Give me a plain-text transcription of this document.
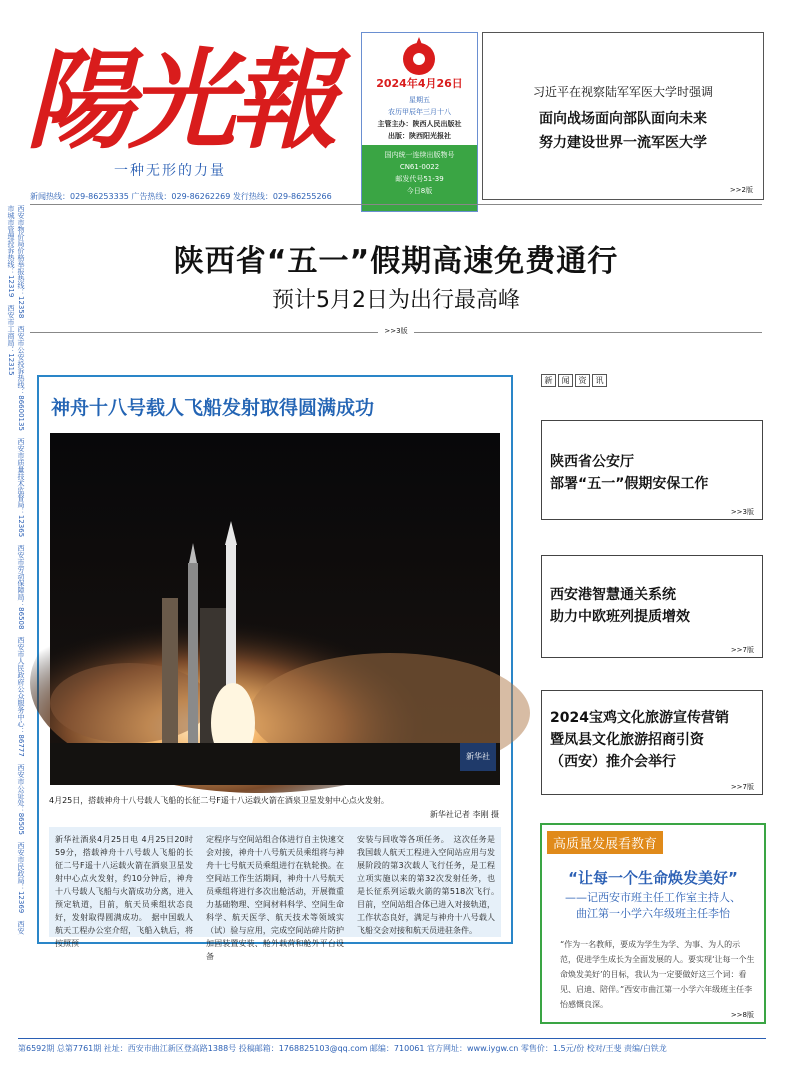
陽光報
一种无形的力量
新闻热线：029-86253335 广告热线：029-86262269 发行热线：029-86255266
2024年4月26日
星期五
农历甲辰年三月十八
主管主办：陕西人民出版社
出版：陕西阳光报社
国内统一连续出版物号
CN61-0022
邮发代号51-39
今日8版
习近平在视察陆军军医大学时强调
面向战场面向部队面向未来
努力建设世界一流军医大学
>>2版
西安市物价局价格举报热线：12358　西安市公安投诉热线：86600135　西安市质量技术监督局：12365　西安市劳动保障局：86508　西安市人民政府公众服务中心：86777　西安市公证处：86505　西安市民政局：12369　西安市城市管理投诉热线：12319　西安市工商局：12315	陕西省“五一”假期高速免费通行
预计5月2日为出行最高峰
>>3版
神舟十八号载人飞船发射取得圆满成功
新华社
4月25日，搭载神舟十八号载人飞船的长征二号F遥十八运载火箭在酒泉卫星发射中心点火发射。
新华社记者 李刚 摄
新华社酒泉4月25日电 4月25日20时59分，搭载神舟十八号载人飞船的长征二号F遥十八运载火箭在酒泉卫星发射中心点火发射，约10分钟后，神舟十八号载人飞船与火箭成功分离，进入预定轨道，目前，航天员乘组状态良好，发射取得圆满成功。　据中国载人航天工程办公室介绍，飞船入轨后，将按照预
定程序与空间站组合体进行自主快速交会对接，神舟十八号航天员乘组将与神舟十七号航天员乘组进行在轨轮换。在空间站工作生活期间，神舟十八号航天员乘组将进行多次出舱活动，开展微重力基础物理、空间材料科学、空间生命科学、航天医学、航天技术等领域实（试）验与应用，完成空间站碎片防护加固装置安装、舱外载荷和舱外平台设备
安装与回收等各项任务。　这次任务是我国载人航天工程进入空间站应用与发展阶段的第3次载人飞行任务，是工程立项实施以来的第32次发射任务，也是长征系列运载火箭的第518次飞行。　目前，空间站组合体已进入对接轨道，工作状态良好，满足与神舟十八号载人飞船交会对接和航天员进驻条件。
新 闻 资 讯
陕西省公安厅
部署“五一”假期安保工作
>>3版
西安港智慧通关系统
助力中欧班列提质增效
>>7版
2024宝鸡文化旅游宣传营销
暨凤县文化旅游招商引资
（西安）推介会举行
>>7版
高质量发展看教育
“让每一个生命焕发美好”
——记西安市班主任工作室主持人、
曲江第一小学六年级班主任李怡
“作为一名教师，要成为学生为学、为事、为人的示范，促进学生成长为全面发展的人。要实现‘让每一个生命焕发美好’的目标，我认为一定要做好这三个词：看见、启迪、陪伴。”西安市曲江第一小学六年级班主任李怡感慨良深。
>>8版
第6592期 总第7761期 社址：西安市曲江新区登高路1388号 投稿邮箱：1768825103@qq.com 邮编：710061 官方网址：www.iygw.cn 零售价：1.5元/份 校对/王斐 责编/白铁龙
